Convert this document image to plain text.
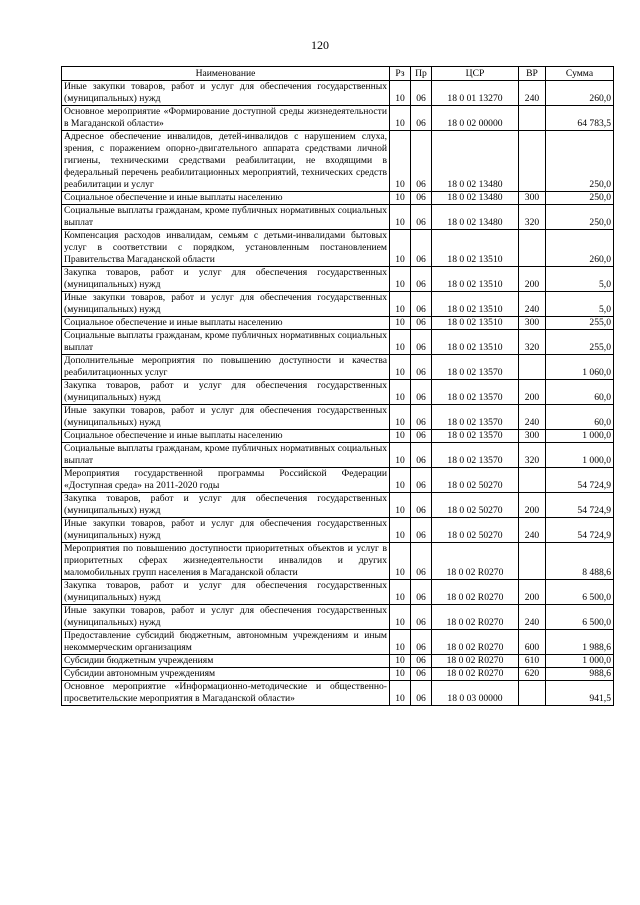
120
Наименование	Рз	Пр	ЦСР	ВР	Сумма
Иные закупки товаров, работ и услуг для обеспечения государственных (муниципальных) нужд	10	06	18 0 01 13270	240	260,0
Основное мероприятие «Формирование доступной среды жизнедеятельности в Магаданской области»	10	06	18 0 02 00000		64 783,5
Адресное обеспечение инвалидов, детей-инвалидов с нарушением слуха, зрения, с поражением опорно-двигательного аппарата средствами личной гигиены, техническими средствами реабилитации, не входящими в федеральный перечень реабилитационных мероприятий, технических средств реабилитации и услуг	10	06	18 0 02 13480		250,0
Социальное обеспечение и иные выплаты населению	10	06	18 0 02 13480	300	250,0
Социальные выплаты гражданам, кроме публичных нормативных социальных выплат	10	06	18 0 02 13480	320	250,0
Компенсация расходов инвалидам, семьям с детьми-инвалидами бытовых услуг в соответствии с порядком, установленным постановлением Правительства Магаданской области	10	06	18 0 02 13510		260,0
Закупка товаров, работ и услуг для обеспечения государственных (муниципальных) нужд	10	06	18 0 02 13510	200	5,0
Иные закупки товаров, работ и услуг для обеспечения государственных (муниципальных) нужд	10	06	18 0 02 13510	240	5,0
Социальное обеспечение и иные выплаты населению	10	06	18 0 02 13510	300	255,0
Социальные выплаты гражданам, кроме публичных нормативных социальных выплат	10	06	18 0 02 13510	320	255,0
Дополнительные мероприятия по повышению доступности и качества реабилитационных услуг	10	06	18 0 02 13570		1 060,0
Закупка товаров, работ и услуг для обеспечения государственных (муниципальных) нужд	10	06	18 0 02 13570	200	60,0
Иные закупки товаров, работ и услуг для обеспечения государственных (муниципальных) нужд	10	06	18 0 02 13570	240	60,0
Социальное обеспечение и иные выплаты населению	10	06	18 0 02 13570	300	1 000,0
Социальные выплаты гражданам, кроме публичных нормативных социальных выплат	10	06	18 0 02 13570	320	1 000,0
Мероприятия государственной программы Российской Федерации «Доступная среда» на 2011-2020 годы	10	06	18 0 02 50270		54 724,9
Закупка товаров, работ и услуг для обеспечения государственных (муниципальных) нужд	10	06	18 0 02 50270	200	54 724,9
Иные закупки товаров, работ и услуг для обеспечения государственных (муниципальных) нужд	10	06	18 0 02 50270	240	54 724,9
Мероприятия по повышению доступности приоритетных объектов и услуг в приоритетных сферах жизнедеятельности инвалидов и других маломобильных групп населения в Магаданской области	10	06	18 0 02 R0270		8 488,6
Закупка товаров, работ и услуг для обеспечения государственных (муниципальных) нужд	10	06	18 0 02 R0270	200	6 500,0
Иные закупки товаров, работ и услуг для обеспечения государственных (муниципальных) нужд	10	06	18 0 02 R0270	240	6 500,0
Предоставление субсидий бюджетным, автономным учреждениям и иным некоммерческим организациям	10	06	18 0 02 R0270	600	1 988,6
Субсидии бюджетным учреждениям	10	06	18 0 02 R0270	610	1 000,0
Субсидии автономным учреждениям	10	06	18 0 02 R0270	620	988,6
Основное мероприятие «Информационно-методические и общественно-просветительские мероприятия в Магаданской области»	10	06	18 0 03 00000		941,5
